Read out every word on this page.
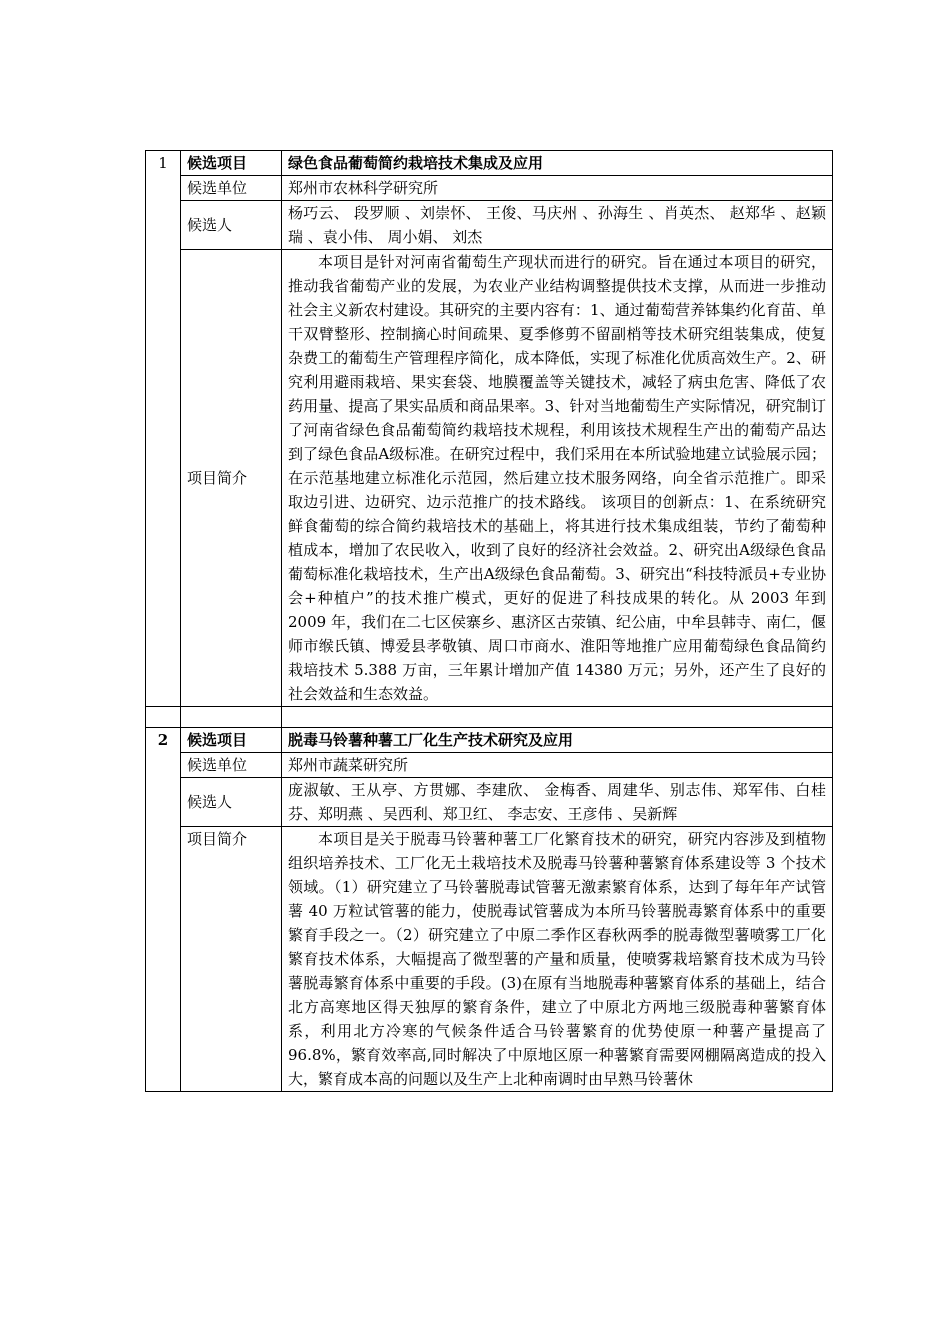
1	候选项目	绿色食品葡萄简约栽培技术集成及应用
	候选单位	郑州市农林科学研究所
	候选人	杨巧云、 段罗顺 、刘崇怀、 王俊、马庆州 、孙海生 、肖英杰、 赵郑华 、赵颖瑞 、袁小伟、 周小娟、 刘杰
	项目简介	本项目是针对河南省葡萄生产现状而进行的研究。旨在通过本项目的研究，推动我省葡萄产业的发展，为农业产业结构调整提供技术支撑，从而进一步推动社会主义新农村建设。其研究的主要内容有：1、通过葡萄营养钵集约化育苗、单干双臂整形、控制摘心时间疏果、夏季修剪不留副梢等技术研究组装集成，使复杂费工的葡萄生产管理程序简化，成本降低，实现了标准化优质高效生产。2、研究利用避雨栽培、果实套袋、地膜覆盖等关键技术，减轻了病虫危害、降低了农药用量、提高了果实品质和商品果率。3、针对当地葡萄生产实际情况，研究制订了河南省绿色食品葡萄简约栽培技术规程，利用该技术规程生产出的葡萄产品达到了绿色食品A级标准。在研究过程中，我们采用在本所试验地建立试验展示园；在示范基地建立标准化示范园，然后建立技术服务网络，向全省示范推广。即采取边引进、边研究、边示范推广的技术路线。 该项目的创新点：1、在系统研究鲜食葡萄的综合简约栽培技术的基础上，将其进行技术集成组装，节约了葡萄种植成本，增加了农民收入，收到了良好的经济社会效益。2、研究出A级绿色食品葡萄标准化栽培技术，生产出A级绿色食品葡萄。3、研究出“科技特派员+专业协会+种植户”的技术推广模式，更好的促进了科技成果的转化。从 2003 年到 2009 年，我们在二七区侯寨乡、惠济区古荥镇、纪公庙，中牟县韩寺、南仁，偃师市缑氏镇、博爱县孝敬镇、周口市商水、淮阳等地推广应用葡萄绿色食品简约栽培技术 5.388 万亩，三年累计增加产值 14380 万元；另外，还产生了良好的社会效益和生态效益。

2	候选项目	脱毒马铃薯种薯工厂化生产技术研究及应用
	候选单位	郑州市蔬菜研究所
	候选人	庞淑敏、王从亭、方贯娜、李建欣、 金梅香、周建华、别志伟、郑军伟、白桂芬、郑明燕 、吴西利、郑卫红、 李志安、王彦伟 、吴新辉
	项目简介	本项目是关于脱毒马铃薯种薯工厂化繁育技术的研究，研究内容涉及到植物组织培养技术、工厂化无土栽培技术及脱毒马铃薯种薯繁育体系建设等 3 个技术领域。（1）研究建立了马铃薯脱毒试管薯无激素繁育体系，达到了每年年产试管薯 40 万粒试管薯的能力，使脱毒试管薯成为本所马铃薯脱毒繁育体系中的重要繁育手段之一。（2）研究建立了中原二季作区春秋两季的脱毒微型薯喷雾工厂化繁育技术体系，大幅提高了微型薯的产量和质量，使喷雾栽培繁育技术成为马铃薯脱毒繁育体系中重要的手段。(3)在原有当地脱毒种薯繁育体系的基础上，结合北方高寒地区得天独厚的繁育条件，建立了中原北方两地三级脱毒种薯繁育体系，利用北方冷寒的气候条件适合马铃薯繁育的优势使原一种薯产量提高了 96.8%，繁育效率高,同时解决了中原地区原一种薯繁育需要网棚隔离造成的投入大，繁育成本高的问题以及生产上北种南调时由早熟马铃薯休
